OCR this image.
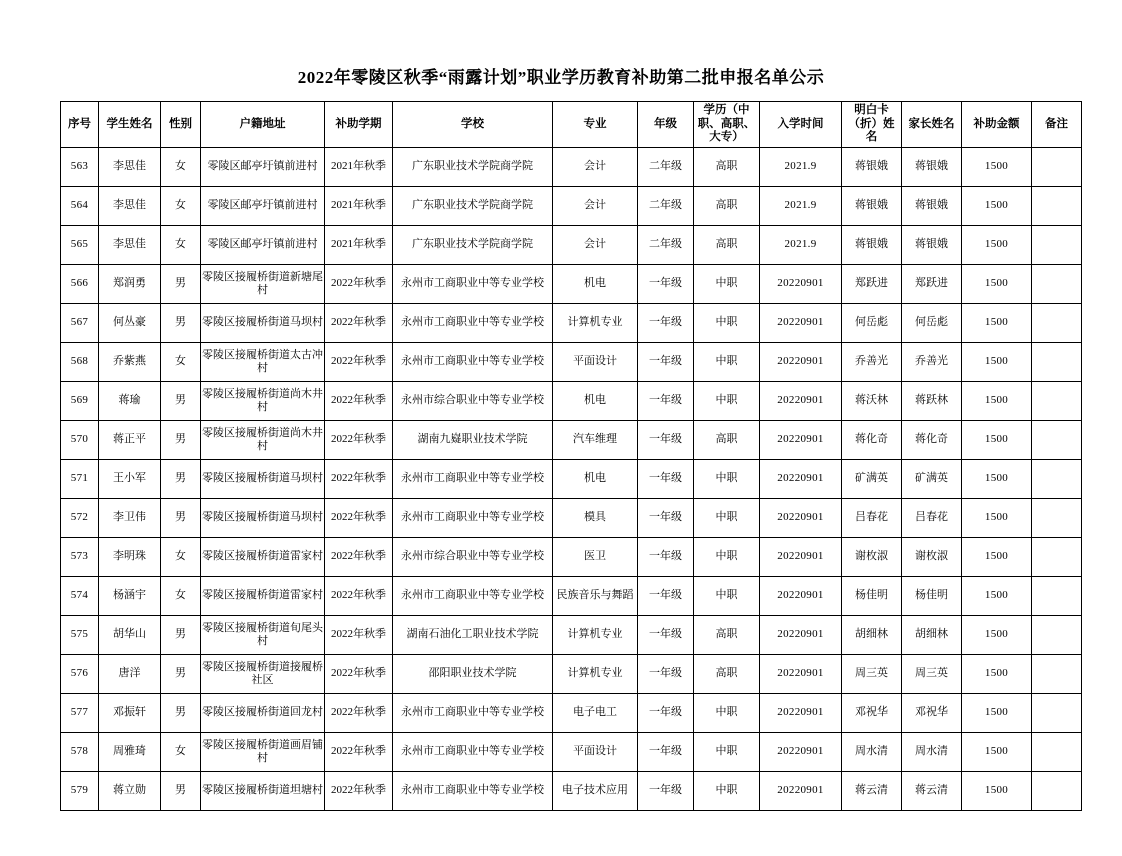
2022年零陵区秋季“雨露计划”职业学历教育补助第二批申报名单公示
序号	学生姓名	性别	户籍地址	补助学期	学校	专业	年级	学历（中职、高职、大专）	入学时间	明白卡（折）姓名	家长姓名	补助金额	备注
563	李思佳	女	零陵区邮亭圩镇前进村	2021年秋季	广东职业技术学院商学院	会计	二年级	高职	2021.9	蒋银娥	蒋银娥	1500	
564	李思佳	女	零陵区邮亭圩镇前进村	2021年秋季	广东职业技术学院商学院	会计	二年级	高职	2021.9	蒋银娥	蒋银娥	1500	
565	李思佳	女	零陵区邮亭圩镇前进村	2021年秋季	广东职业技术学院商学院	会计	二年级	高职	2021.9	蒋银娥	蒋银娥	1500	
566	郑润勇	男	零陵区接履桥街道新塘尾村	2022年秋季	永州市工商职业中等专业学校	机电	一年级	中职	20220901	郑跃进	郑跃进	1500	
567	何丛豪	男	零陵区接履桥街道马坝村	2022年秋季	永州市工商职业中等专业学校	计算机专业	一年级	中职	20220901	何岳彪	何岳彪	1500	
568	乔紫燕	女	零陵区接履桥街道太古冲村	2022年秋季	永州市工商职业中等专业学校	平面设计	一年级	中职	20220901	乔善光	乔善光	1500	
569	蒋瑜	男	零陵区接履桥街道尚木井村	2022年秋季	永州市综合职业中等专业学校	机电	一年级	中职	20220901	蒋沃林	蒋跃林	1500	
570	蒋正平	男	零陵区接履桥街道尚木井村	2022年秋季	湖南九嶷职业技术学院	汽车维理	一年级	高职	20220901	蒋化奇	蒋化奇	1500	
571	王小军	男	零陵区接履桥街道马坝村	2022年秋季	永州市工商职业中等专业学校	机电	一年级	中职	20220901	矿满英	矿满英	1500	
572	李卫伟	男	零陵区接履桥街道马坝村	2022年秋季	永州市工商职业中等专业学校	模具	一年级	中职	20220901	吕春花	吕春花	1500	
573	李明珠	女	零陵区接履桥街道雷家村	2022年秋季	永州市综合职业中等专业学校	医卫	一年级	中职	20220901	谢枚淑	谢枚淑	1500	
574	杨涵宇	女	零陵区接履桥街道雷家村	2022年秋季	永州市工商职业中等专业学校	民族音乐与舞蹈	一年级	中职	20220901	杨佳明	杨佳明	1500	
575	胡华山	男	零陵区接履桥街道旬尾头村	2022年秋季	湖南石油化工职业技术学院	计算机专业	一年级	高职	20220901	胡细林	胡细林	1500	
576	唐洋	男	零陵区接履桥街道接履桥社区	2022年秋季	邵阳职业技术学院	计算机专业	一年级	高职	20220901	周三英	周三英	1500	
577	邓振轩	男	零陵区接履桥街道回龙村	2022年秋季	永州市工商职业中等专业学校	电子电工	一年级	中职	20220901	邓祝华	邓祝华	1500	
578	周雅琦	女	零陵区接履桥街道画眉铺村	2022年秋季	永州市工商职业中等专业学校	平面设计	一年级	中职	20220901	周水清	周水清	1500	
579	蒋立勋	男	零陵区接履桥街道坦塘村	2022年秋季	永州市工商职业中等专业学校	电子技术应用	一年级	中职	20220901	蒋云清	蒋云清	1500	
